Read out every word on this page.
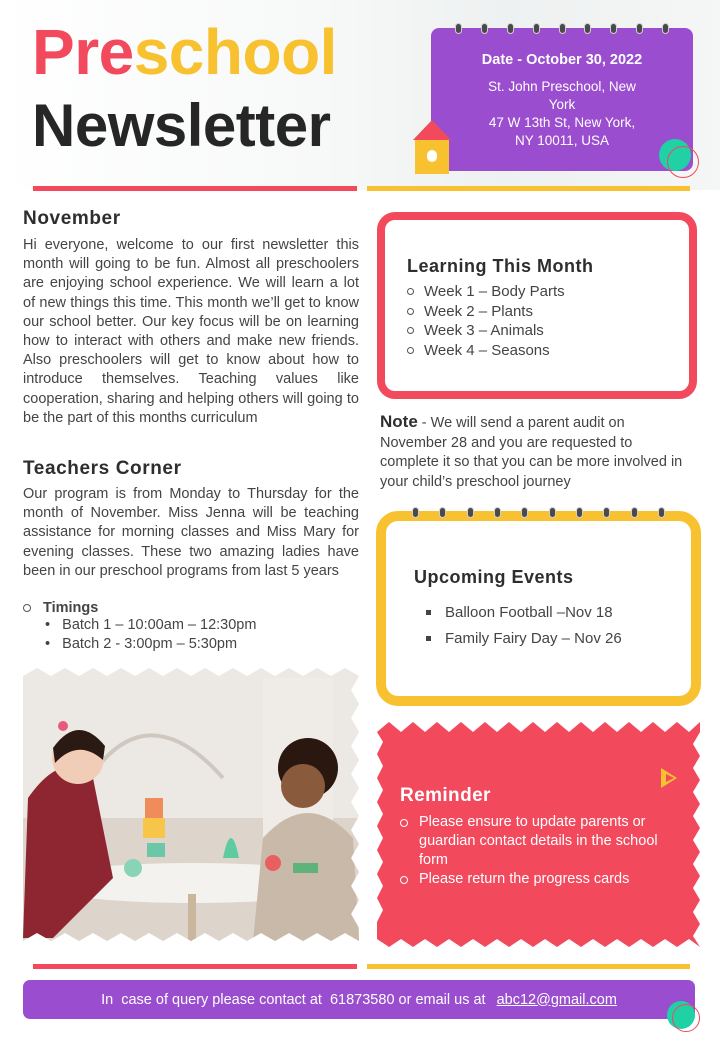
Preschool
Newsletter
Date - October 30, 2022
St. John Preschool, New
York
47 W 13th St, New York,
NY 10011, USA
November
Hi everyone, welcome to our first newsletter this month will going to be fun. Almost all preschoolers are enjoying school experience. We will learn a lot of new things this time. This month we’ll get to know our school better. Our key focus will be on learning how to interact with others and make new friends. Also preschoolers will get to know about how to introduce themselves. Teaching values like cooperation, sharing and helping others will going to be the part of this months curriculum
Teachers Corner
Our program is from Monday to Thursday for the month of November. Miss Jenna will be teaching assistance for morning classes and Miss Mary for evening classes. These two amazing ladies have been in our preschool programs from last 5 years
Timings
•   Batch 1 – 10:00am – 12:30pm
•   Batch 2 - 3:00pm – 5:30pm
Learning This Month
Week 1 – Body Parts
Week 2 – Plants
Week 3 – Animals
Week 4 – Seasons
Note - We will send a parent audit on November 28 and you are requested to complete it so that you can be more involved in your child’s preschool journey
Upcoming Events
Balloon Football –Nov 18
Family Fairy Day – Nov 26
Reminder
Please ensure to update parents or guardian contact details in the school form
Please return the progress cards
In  case of query please contact at  61873580 or email us at abc12@gmail.com
